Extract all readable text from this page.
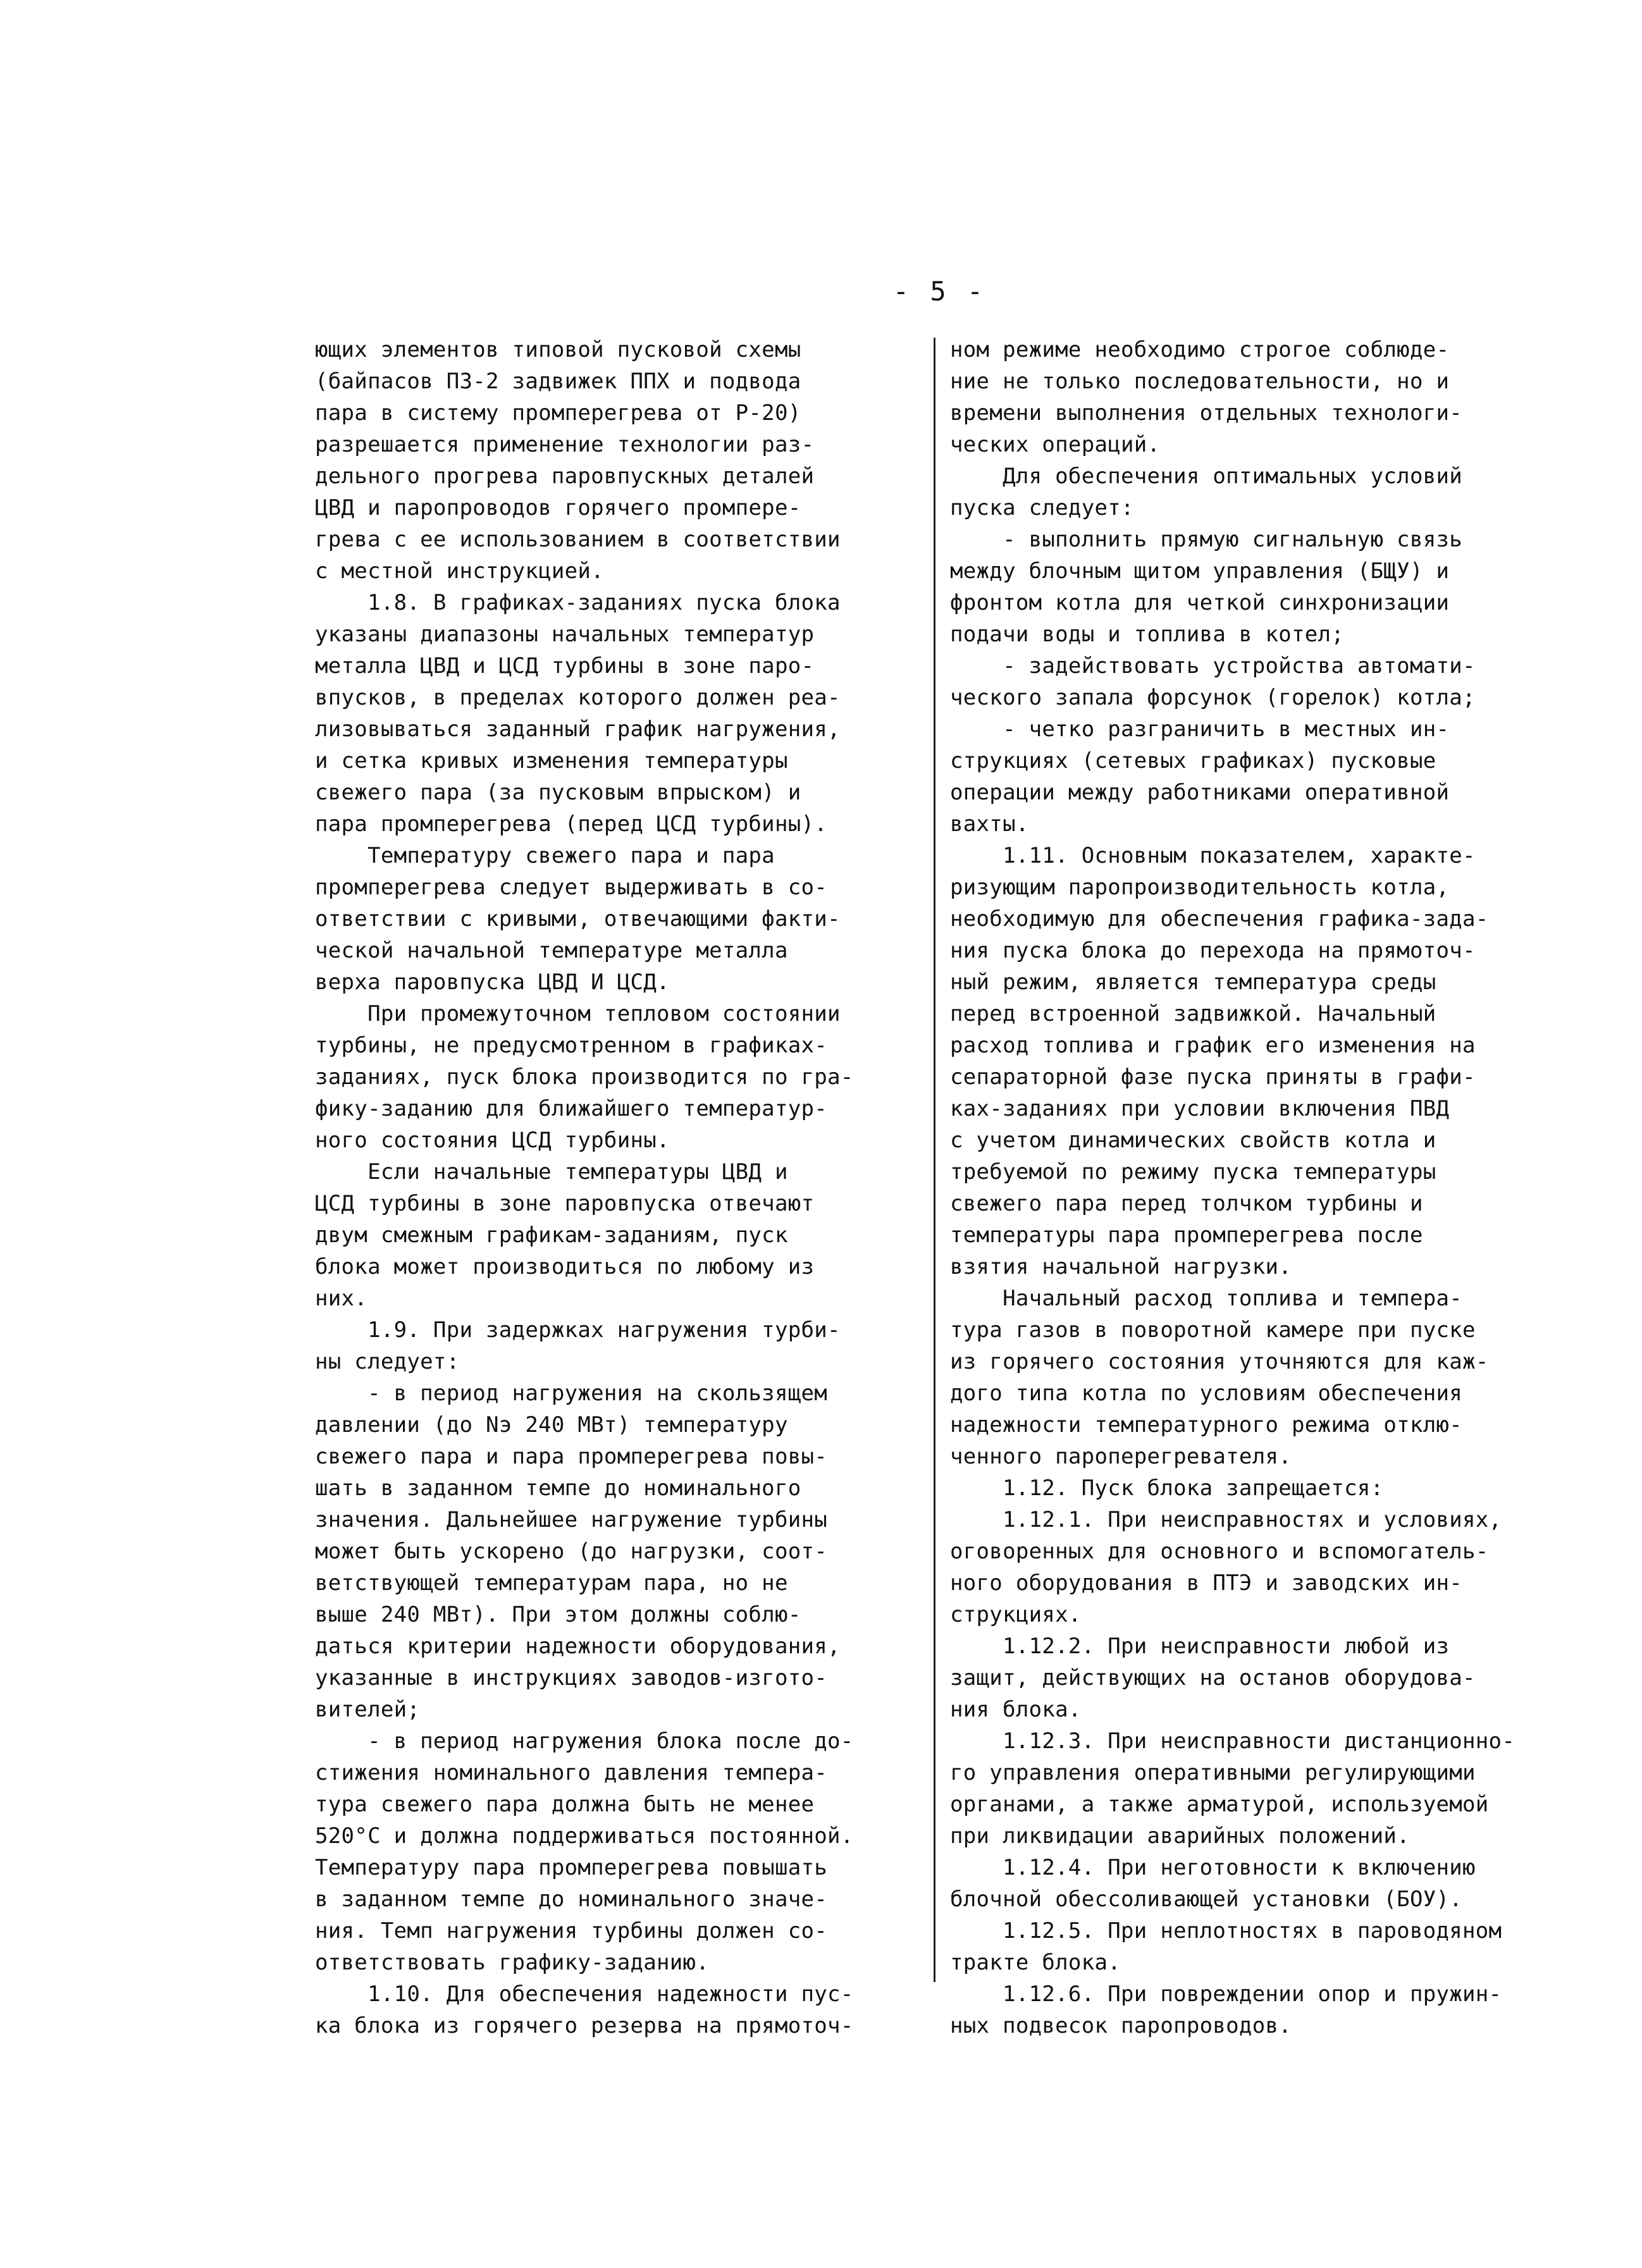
- 5 -
ющих элементов типовой пусковой схемы
(байпасов ПЗ-2 задвижек ППХ и подвода
пара в систему промперегрева от Р-20)
разрешается применение технологии раз-
дельного прогрева паровпускных деталей
ЦВД и паропроводов горячего промпере-
грева с ее использованием в соответствии
с местной инструкцией.
1.8. В графиках-заданиях пуска блока
указаны диапазоны начальных температур
металла ЦВД и ЦСД турбины в зоне паро-
впусков, в пределах которого должен реа-
лизовываться заданный график нагружения,
и сетка кривых изменения температуры
свежего пара (за пусковым впрыском) и
пара промперегрева (перед ЦСД турбины).
Температуру свежего пара и пара
промперегрева следует выдерживать в со-
ответствии с кривыми, отвечающими факти-
ческой начальной температуре металла
верха паровпуска ЦВД И ЦСД.
При промежуточном тепловом состоянии
турбины, не предусмотренном в графиках-
заданиях, пуск блока производится по гра-
фику-заданию для ближайшего температур-
ного состояния ЦСД турбины.
Если начальные температуры ЦВД и
ЦСД турбины в зоне паровпуска отвечают
двум смежным графикам-заданиям, пуск
блока может производиться по любому из
них.
1.9. При задержках нагружения турби-
ны следует:
- в период нагружения на скользящем
давлении (до Nэ 240 МВт) температуру
свежего пара и пара промперегрева повы-
шать в заданном темпе до номинального
значения. Дальнейшее нагружение турбины
может быть ускорено (до нагрузки, соот-
ветствующей температурам пара, но не
выше 240 МВт). При этом должны соблю-
даться критерии надежности оборудования,
указанные в инструкциях заводов-изгото-
вителей;
- в период нагружения блока после до-
стижения номинального давления темпера-
тура свежего пара должна быть не менее
520°С и должна поддерживаться постоянной.
Температуру пара промперегрева повышать
в заданном темпе до номинального значе-
ния. Темп нагружения турбины должен со-
ответствовать графику-заданию.
1.10. Для обеспечения надежности пус-
ка блока из горячего резерва на прямоточ-
ном режиме необходимо строгое соблюде-
ние не только последовательности, но и
времени выполнения отдельных технологи-
ческих операций.
Для обеспечения оптимальных условий
пуска следует:
- выполнить прямую сигнальную связь
между блочным щитом управления (БЩУ) и
фронтом котла для четкой синхронизации
подачи воды и топлива в котел;
- задействовать устройства автомати-
ческого запала форсунок (горелок) котла;
- четко разграничить в местных ин-
струкциях (сетевых графиках) пусковые
операции между работниками оперативной
вахты.
1.11. Основным показателем, характе-
ризующим паропроизводительность котла,
необходимую для обеспечения графика-зада-
ния пуска блока до перехода на прямоточ-
ный режим, является температура среды
перед встроенной задвижкой. Начальный
расход топлива и график его изменения на
сепараторной фазе пуска приняты в графи-
ках-заданиях при условии включения ПВД
с учетом динамических свойств котла и
требуемой по режиму пуска температуры
свежего пара перед толчком турбины и
температуры пара промперегрева после
взятия начальной нагрузки.
Начальный расход топлива и темпера-
тура газов в поворотной камере при пуске
из горячего состояния уточняются для каж-
дого типа котла по условиям обеспечения
надежности температурного режима отклю-
ченного пароперегревателя.
1.12. Пуск блока запрещается:
1.12.1. При неисправностях и условиях,
оговоренных для основного и вспомогатель-
ного оборудования в ПТЭ и заводских ин-
струкциях.
1.12.2. При неисправности любой из
защит, действующих на останов оборудова-
ния блока.
1.12.3. При неисправности дистанционно-
го управления оперативными регулирующими
органами, а также арматурой, используемой
при ликвидации аварийных положений.
1.12.4. При неготовности к включению
блочной обессоливающей установки (БОУ).
1.12.5. При неплотностях в пароводяном
тракте блока.
1.12.6. При повреждении опор и пружин-
ных подвесок паропроводов.
